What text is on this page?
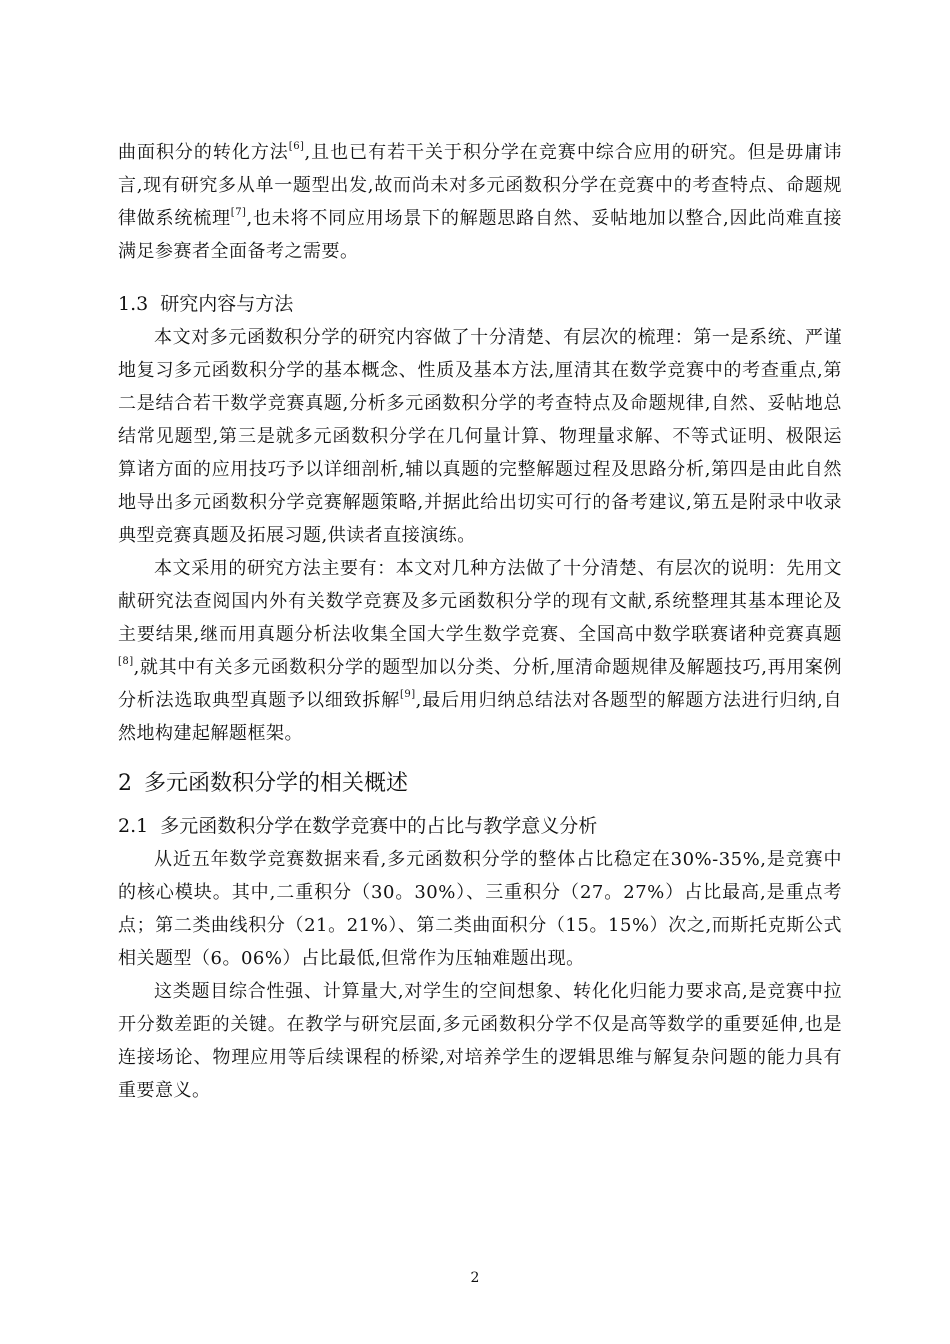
曲面积分的转化方法[6],且也已有若干关于积分学在竞赛中综合应用的研究。但是毋庸讳言,现有研究多从单一题型出发,故而尚未对多元函数积分学在竞赛中的考查特点、命题规律做系统梳理[7],也未将不同应用场景下的解题思路自然、妥帖地加以整合,因此尚难直接满足参赛者全面备考之需要。

1.3 研究内容与方法

本文对多元函数积分学的研究内容做了十分清楚、有层次的梳理：第一是系统、严谨地复习多元函数积分学的基本概念、性质及基本方法,厘清其在数学竞赛中的考查重点,第二是结合若干数学竞赛真题,分析多元函数积分学的考查特点及命题规律,自然、妥帖地总结常见题型,第三是就多元函数积分学在几何量计算、物理量求解、不等式证明、极限运算诸方面的应用技巧予以详细剖析,辅以真题的完整解题过程及思路分析,第四是由此自然地导出多元函数积分学竞赛解题策略,并据此给出切实可行的备考建议,第五是附录中收录典型竞赛真题及拓展习题,供读者直接演练。

本文采用的研究方法主要有：本文对几种方法做了十分清楚、有层次的说明：先用文献研究法查阅国内外有关数学竞赛及多元函数积分学的现有文献,系统整理其基本理论及主要结果,继而用真题分析法收集全国大学生数学竞赛、全国高中数学联赛诸种竞赛真题[8],就其中有关多元函数积分学的题型加以分类、分析,厘清命题规律及解题技巧,再用案例分析法选取典型真题予以细致拆解[9],最后用归纳总结法对各题型的解题方法进行归纳,自然地构建起解题框架。

2 多元函数积分学的相关概述
2.1 多元函数积分学在数学竞赛中的占比与教学意义分析

从近五年数学竞赛数据来看,多元函数积分学的整体占比稳定在30%-35%,是竞赛中的核心模块。其中,二重积分（30。30%）、三重积分（27。27%）占比最高,是重点考点；第二类曲线积分（21。21%）、第二类曲面积分（15。15%）次之,而斯托克斯公式相关题型（6。06%）占比最低,但常作为压轴难题出现。

这类题目综合性强、计算量大,对学生的空间想象、转化化归能力要求高,是竞赛中拉开分数差距的关键。在教学与研究层面,多元函数积分学不仅是高等数学的重要延伸,也是连接场论、物理应用等后续课程的桥梁,对培养学生的逻辑思维与解复杂问题的能力具有重要意义。

2
